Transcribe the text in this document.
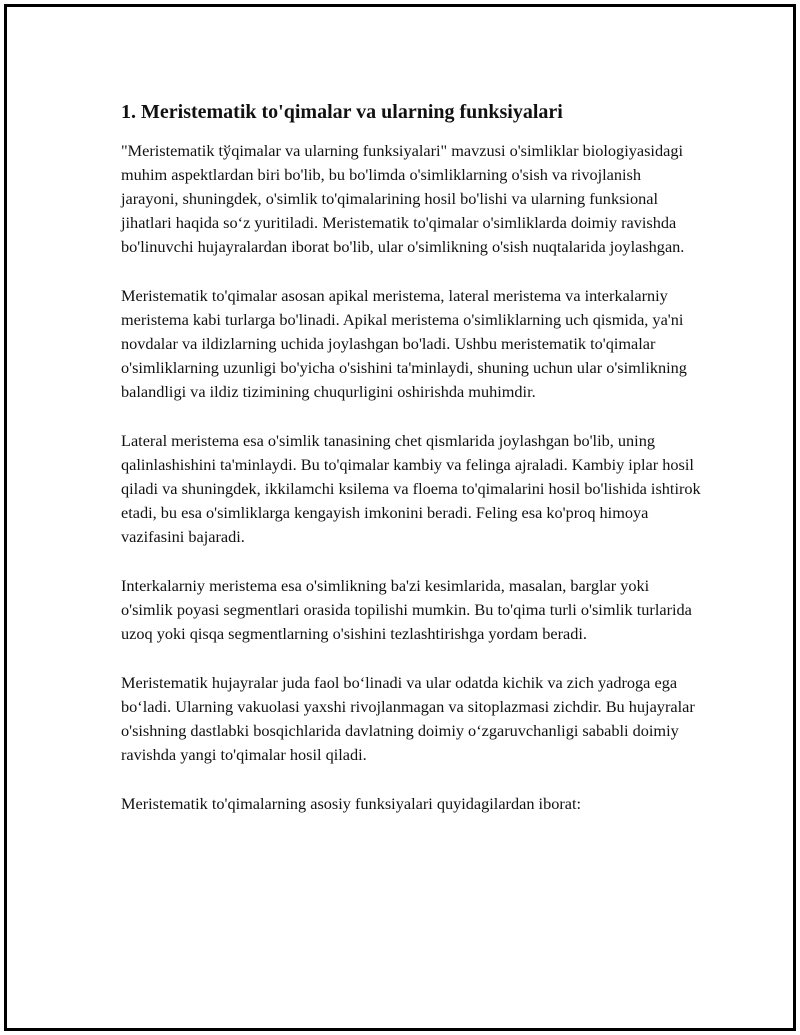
1. Meristematik to'qimalar va ularning funksiyalari

"Meristematik tўqimalar va ularning funksiyalari" mavzusi o'simliklar biologiyasidagi muhim aspektlardan biri bo'lib, bu bo'limda o'simliklarning o'sish va rivojlanish jarayoni, shuningdek, o'simlik to'qimalarining hosil bo'lishi va ularning funksional jihatlari haqida so‘z yuritiladi. Meristematik to'qimalar o'simliklarda doimiy ravishda bo'linuvchi hujayralardan iborat bo'lib, ular o'simlikning o'sish nuqtalarida joylashgan.

Meristematik to'qimalar asosan apikal meristema, lateral meristema va interkalarniy meristema kabi turlarga bo'linadi. Apikal meristema o'simliklarning uch qismida, ya'ni novdalar va ildizlarning uchida joylashgan bo'ladi. Ushbu meristematik to'qimalar o'simliklarning uzunligi bo'yicha o'sishini ta'minlaydi, shuning uchun ular o'simlikning balandligi va ildiz tizimining chuqurligini oshirishda muhimdir.

Lateral meristema esa o'simlik tanasining chet qismlarida joylashgan bo'lib, uning qalinlashishini ta'minlaydi. Bu to'qimalar kambiy va felinga ajraladi. Kambiy iplar hosil qiladi va shuningdek, ikkilamchi ksilema va floema to'qimalarini hosil bo'lishida ishtirok etadi, bu esa o'simliklarga kengayish imkonini beradi. Feling esa ko'proq himoya vazifasini bajaradi.

Interkalarniy meristema esa o'simlikning ba'zi kesimlarida, masalan, barglar yoki o'simlik poyasi segmentlari orasida topilishi mumkin. Bu to'qima turli o'simlik turlarida uzoq yoki qisqa segmentlarning o'sishini tezlashtirishga yordam beradi.

Meristematik hujayralar juda faol bo‘linadi va ular odatda kichik va zich yadroga ega bo‘ladi. Ularning vakuolasi yaxshi rivojlanmagan va sitoplazmasi zichdir. Bu hujayralar o'sishning dastlabki bosqichlarida davlatning doimiy o‘zgaruvchanligi sababli doimiy ravishda yangi to'qimalar hosil qiladi.

Meristematik to'qimalarning asosiy funksiyalari quyidagilardan iborat:
